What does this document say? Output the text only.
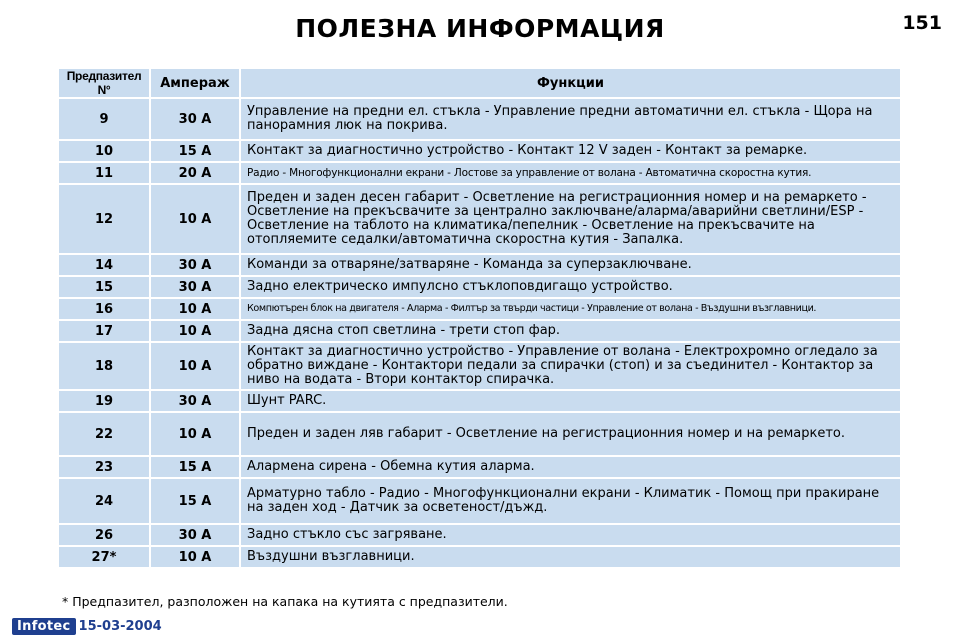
ПОЛЕЗНА ИНФОРМАЦИЯ	151
Предпазител N°	Ампераж	Функции
9	30 A	Управление на предни ел. стъкла - Управление предни автоматични ел. стъкла - Щора на панорамния люк на покрива.
10	15 A	Контакт за диагностично устройство - Контакт 12 V заден - Контакт за ремарке.
11	20 A	Радио - Многофункционални екрани - Лостове за управление от волана - Автоматична скоростна кутия.
12	10 A	Преден и заден десен габарит - Осветление на регистрационния номер и на ремаркето - Осветление на прекъсвачите за централно заключване/аларма/аварийни светлини/ESP - Осветление на таблото на климатика/пепелник - Осветление на прекъсвачите на отопляемите седалки/автоматична скоростна кутия - Запалка.
14	30 A	Команди за отваряне/затваряне - Команда за суперзаключване.
15	30 A	Задно електрическо импулсно стъклоповдигащо устройство.
16	10 A	Компютърен блок на двигателя - Аларма - Филтър за твърди частици - Управление от волана - Въздушни възглавници.
17	10 A	Задна дясна стоп светлина - трети стоп фар.
18	10 A	Контакт за диагностично устройство - Управление от волана - Електрохромно огледало за обратно виждане - Контактори педали за спирачки (стоп) и за съединител - Контактор за ниво на водата - Втори контактор спирачка.
19	30 A	Шунт PARC.
22	10 A	Преден и заден ляв габарит - Осветление на регистрационния номер и на ремаркето.
23	15 A	Алармена сирена - Обемна кутия аларма.
24	15 A	Арматурно табло - Радио - Многофункционални екрани - Климатик - Помощ при пракиране на заден ход - Датчик за осветеност/дъжд.
26	30 A	Задно стъкло със загряване.
27*	10 A	Въздушни възглавници.
* Предпазител, разположен на капака на кутията с предпазители.
Infotec 15-03-2004
